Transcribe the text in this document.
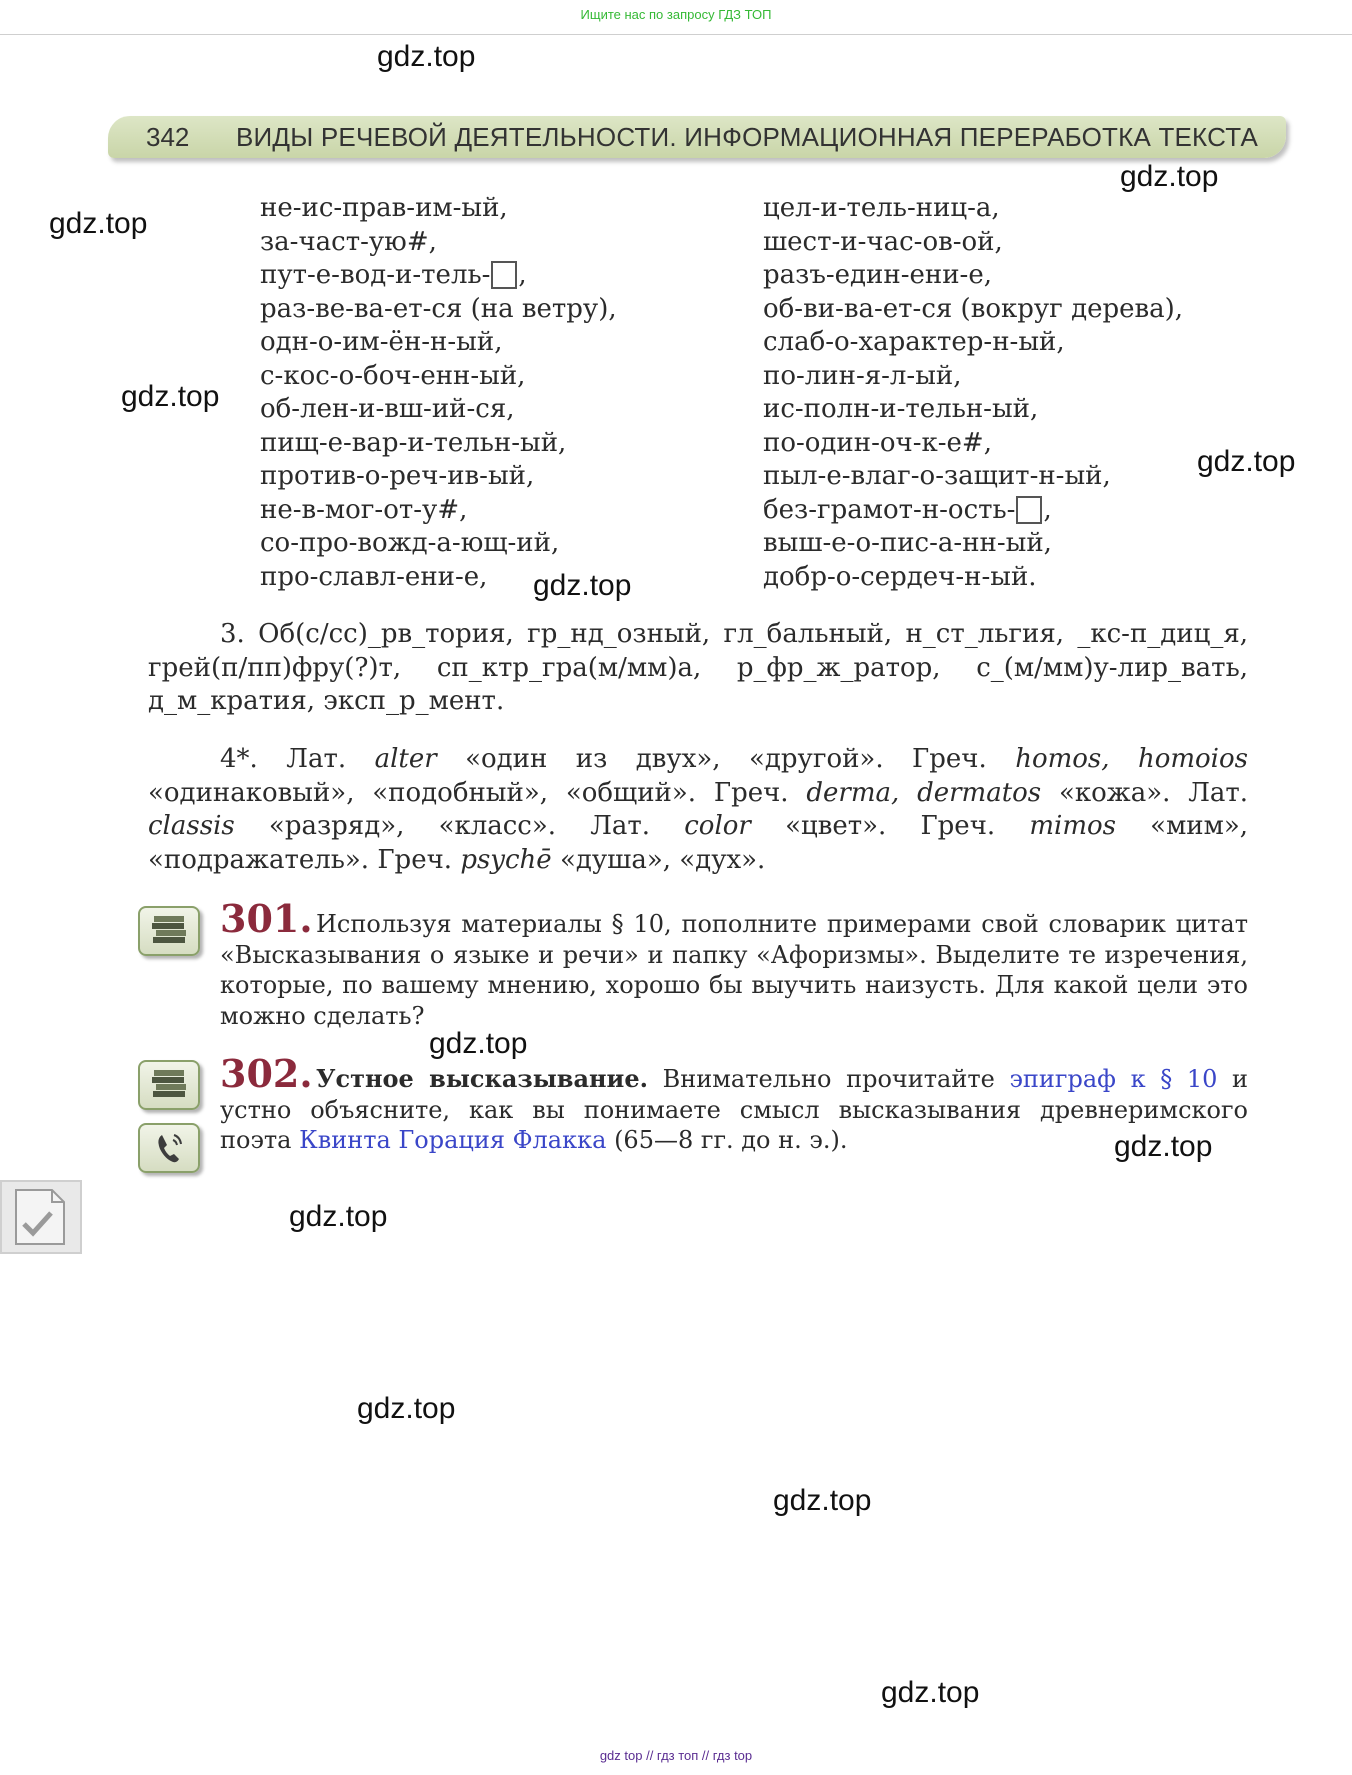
Ищите нас по запросу ГДЗ ТОП
gdz.top
gdz.top
gdz.top
gdz.top
gdz.top
gdz.top
gdz.top
gdz.top
gdz.top
gdz.top
gdz.top
gdz.top
342 ВИДЫ РЕЧЕВОЙ ДЕЯТЕЛЬНОСТИ. ИНФОРМАЦИОННАЯ ПЕРЕРАБОТКА ТЕКСТА
не-ис-прав-им-ый,
за-част-ую#,
пут-е-вод-и-тель- ,
раз-ве-ва-ет-ся (на ветру),
одн-о-им-ён-н-ый,
с-кос-о-боч-енн-ый,
об-лен-и-вш-ий-ся,
пищ-е-вар-и-тельн-ый,
против-о-реч-ив-ый,
не-в-мог-от-у#,
со-про-вожд-а-ющ-ий,
про-славл-ени-е,
цел-и-тель-ниц-а,
шест-и-час-ов-ой,
разъ-един-ени-е,
об-ви-ва-ет-ся (вокруг дерева),
слаб-о-характер-н-ый,
по-лин-я-л-ый,
ис-полн-и-тельн-ый,
по-один-оч-к-е#,
пыл-е-влаг-о-защит-н-ый,
без-грамот-н-ость- ,
выш-е-о-пис-а-нн-ый,
добр-о-сердеч-н-ый.
3. Об(с/сс)_рв_тория, гр_нд_озный, гл_бальный, н_ст_льгия, _кс-п_диц_я, грей(п/пп)фру(?)т, сп_ктр_гра(м/мм)а, р_фр_ж_ратор, с_(м/мм)у-лир_вать, д_м_кратия, эксп_р_мент.
4*. Лат. alter «один из двух», «другой». Греч. homos, homoios «одинаковый», «подобный», «общий». Греч. derma, dermatos «кожа». Лат. classis «разряд», «класс». Лат. color «цвет». Греч. mimos «мим», «подражатель». Греч. psychē «душа», «дух».
301. Используя материалы § 10, пополните примерами свой словарик цитат «Высказывания о языке и речи» и папку «Афоризмы». Выделите те изречения, которые, по вашему мнению, хорошо бы выучить наизусть. Для какой цели это можно сделать?
302. Устное высказывание. Внимательно прочитайте эпиграф к § 10 и устно объясните, как вы понимаете смысл высказывания древнеримского поэта Квинта Горация Флакка (65—8 гг. до н. э.).
gdz top // гдз топ // гдз top
